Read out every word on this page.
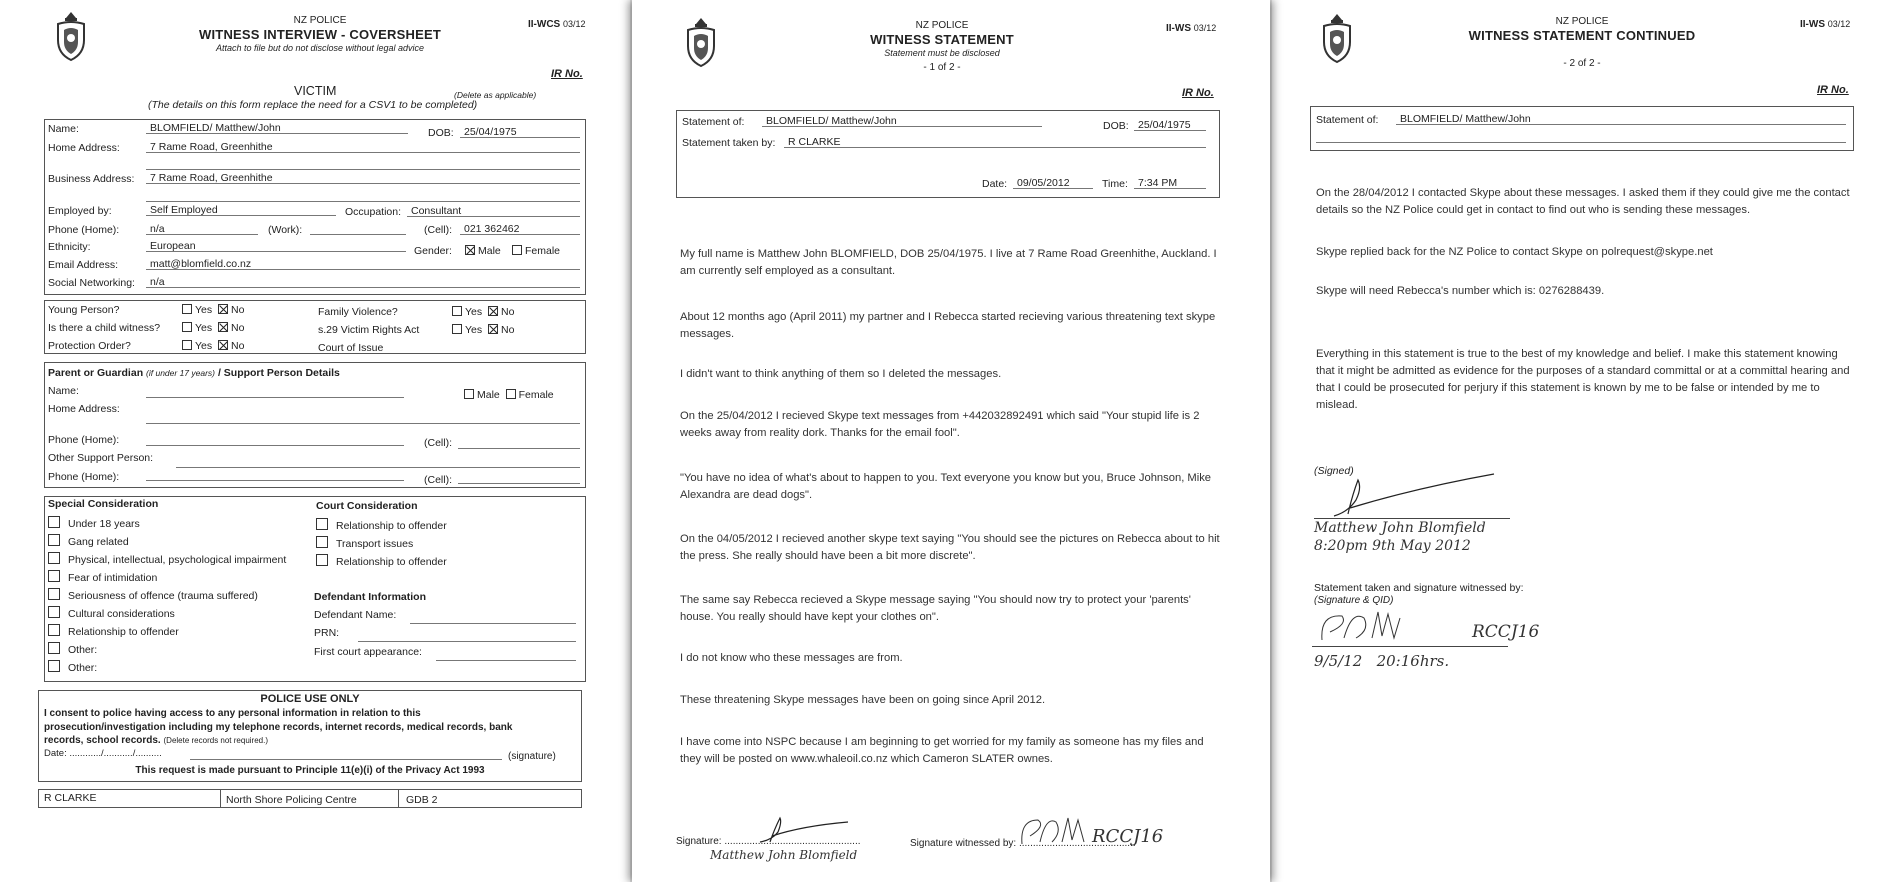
NZ POLICE
WITNESS INTERVIEW - COVERSHEET
Attach to file but do not disclose without legal advice
II-WCS 03/12
IR No.
VICTIM	(Delete as applicable)
(The details on this form replace the need for a CSV1 to be completed)
Name:	BLOMFIELD/ Matthew/John	DOB: 25/04/1975
Home Address:	7 Rame Road, Greenhithe
Business Address:	7 Rame Road, Greenhithe
Employed by:	Self Employed	Occupation: Consultant
Phone (Home):	n/a	(Work):	(Cell):	021 362462
Ethnicity:	European	Gender:	Male	Female
Email Address:	matt@blomfield.co.nz
Social Networking:	n/a
Young Person?	Yes No
Is there a child witness?	Yes No
Protection Order?	Yes No
Family Violence?	Yes No
s.29 Victim Rights Act	Yes No
Court of Issue
Parent or Guardian (if under 17 years) / Support Person Details
Name:	Male Female
Home Address:
Phone (Home):	(Cell):
Other Support Person:
Phone (Home):	(Cell):
Special Consideration
Under 18 years
Gang related
Physical, intellectual, psychological impairment
Fear of intimidation
Seriousness of offence (trauma suffered)
Cultural considerations
Relationship to offender
Other:
Other:
Court Consideration
Relationship to offender
Transport issues
Relationship to offender
Defendant Information
Defendant Name:
PRN:
First court appearance:
POLICE USE ONLY
I consent to police having access to any personal information in relation to this
prosecution/investigation including my telephone records, internet records, medical records, bank
records, school records. (Delete records not required.)
Date: ............/.........../..........	(signature)
This request is made pursuant to Principle 11(e)(i) of the Privacy Act 1993
R CLARKE	North Shore Policing Centre	GDB 2
NZ POLICE
WITNESS STATEMENT
Statement must be disclosed
- 1 of 2 -
II-WS 03/12
IR No.
Statement of:	BLOMFIELD/ Matthew/John	DOB: 25/04/1975
Statement taken by:	R CLARKE
Date: 09/05/2012	Time: 7:34 PM
My full name is Matthew John BLOMFIELD, DOB 25/04/1975. I live at 7 Rame Road Greenhithe, Auckland. I am currently self employed as a consultant.
About 12 months ago (April 2011) my partner and I Rebecca started recieving various threatening text skype messages.
I didn't want to think anything of them so I deleted the messages.
On the 25/04/2012 I recieved Skype text messages from +442032892491 which said "Your stupid life is 2 weeks away from reality dork. Thanks for the email fool".
"You have no idea of what's about to happen to you. Text everyone you know but you, Bruce Johnson, Mike Alexandra are dead dogs".
On the 04/05/2012 I recieved another skype text saying "You should see the pictures on Rebecca about to hit the press. She really should have been a bit more discrete".
The same say Rebecca recieved a Skype message saying "You should now try to protect your 'parents' house. You really should have kept your clothes on".
I do not know who these messages are from.
These threatening Skype messages have been on going since April 2012.
I have come into NSPC because I am beginning to get worried for my family as someone has my files and they will be posted on www.whaleoil.co.nz which Cameron SLATER ownes.
Signature: .................................................
Matthew John Blomfield
Signature witnessed by: ..........................................
RCCJ16
NZ POLICE
WITNESS STATEMENT CONTINUED
- 2 of 2 -
II-WS 03/12
IR No.
Statement of:	BLOMFIELD/ Matthew/John
On the 28/04/2012 I contacted Skype about these messages. I asked them if they could give me the contact details so the NZ Police could get in contact to find out who is sending these messages.
Skype replied back for the NZ Police to contact Skype on polrequest@skype.net
Skype will need Rebecca's number which is: 0276288439.
Everything in this statement is true to the best of my knowledge and belief. I make this statement knowing that it might be admitted as evidence for the purposes of a standard committal or at a committal hearing and that I could be prosecuted for perjury if this statement is known by me to be false or intended by me to mislead.
(Signed)
Matthew John Blomfield
8:20pm 9th May 2012
Statement taken and signature witnessed by:
(Signature & QID)
RCCJ16
9/5/12   20:16hrs.
